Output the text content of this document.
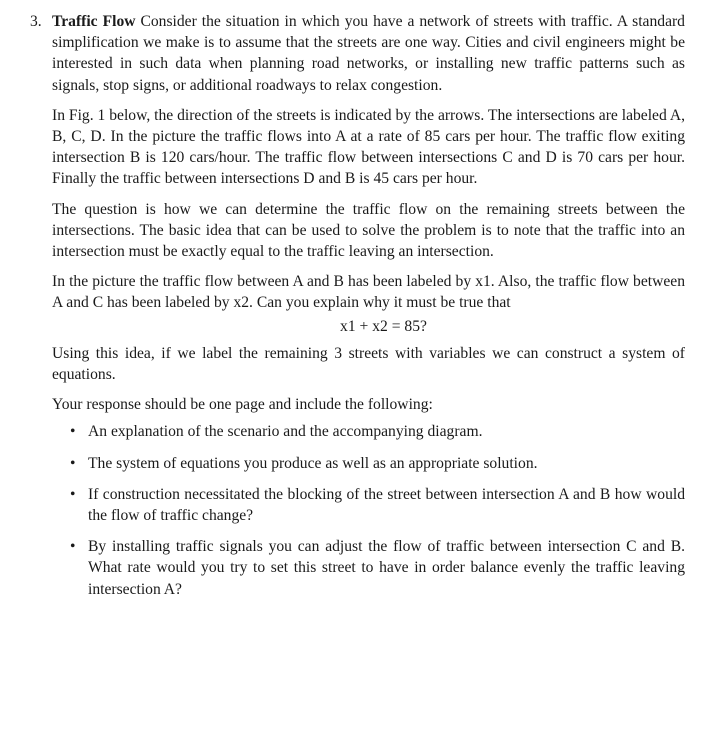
3. Traffic Flow Consider the situation in which you have a network of streets with traffic. A standard simplification we make is to assume that the streets are one way. Cities and civil engineers might be interested in such data when planning road networks, or installing new traffic patterns such as signals, stop signs, or additional roadways to relax congestion.

In Fig. 1 below, the direction of the streets is indicated by the arrows. The intersections are labeled A, B, C, D. In the picture the traffic flows into A at a rate of 85 cars per hour. The traffic flow exiting intersection B is 120 cars/hour. The traffic flow between intersections C and D is 70 cars per hour. Finally the traffic between intersections D and B is 45 cars per hour.

The question is how we can determine the traffic flow on the remaining streets between the intersections. The basic idea that can be used to solve the problem is to note that the traffic into an intersection must be exactly equal to the traffic leaving an intersection.

In the picture the traffic flow between A and B has been labeled by x1. Also, the traffic flow between A and C has been labeled by x2. Can you explain why it must be true that

x1 + x2 = 85?

Using this idea, if we label the remaining 3 streets with variables we can construct a system of equations.

Your response should be one page and include the following:

• An explanation of the scenario and the accompanying diagram.
• The system of equations you produce as well as an appropriate solution.
• If construction necessitated the blocking of the street between intersection A and B how would the flow of traffic change?
• By installing traffic signals you can adjust the flow of traffic between intersection C and B. What rate would you try to set this street to have in order balance evenly the traffic leaving intersection A?
